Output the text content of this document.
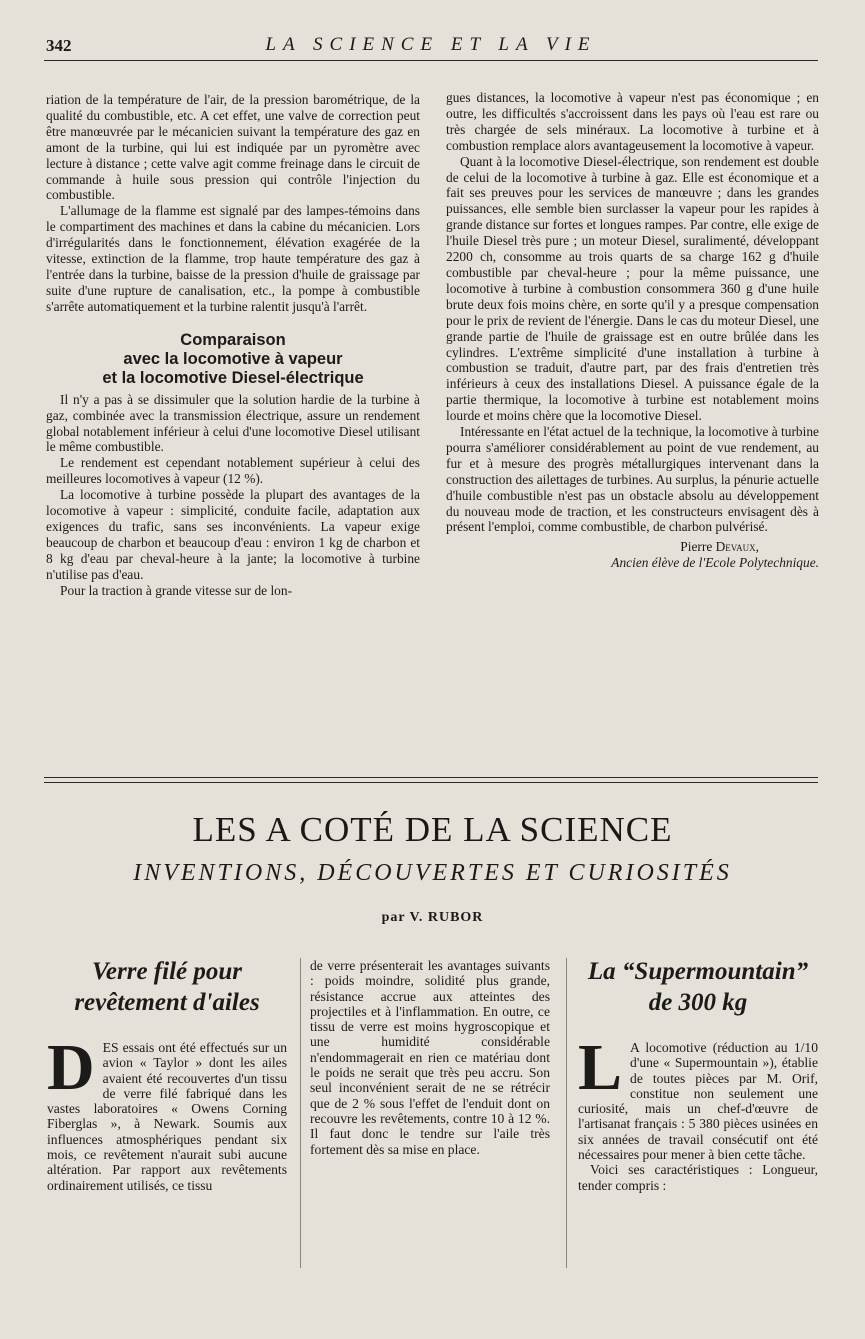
342	LA SCIENCE ET LA VIE

riation de la température de l'air, de la pression barométrique, de la qualité du combustible, etc. A cet effet, une valve de correction peut être manœuvrée par le mécanicien suivant la température des gaz en amont de la turbine, qui lui est indiquée par un pyromètre avec lecture à distance ; cette valve agit comme freinage dans le circuit de commande à huile sous pression qui contrôle l'injection du combustible.

L'allumage de la flamme est signalé par des lampes-témoins dans le compartiment des machines et dans la cabine du mécanicien. Lors d'irrégularités dans le fonctionnement, élévation exagérée de la vitesse, extinction de la flamme, trop haute température des gaz à l'entrée dans la turbine, baisse de la pression d'huile de graissage par suite d'une rupture de canalisation, etc., la pompe à combustible s'arrête automatiquement et la turbine ralentit jusqu'à l'arrêt.

Comparaison
avec la locomotive à vapeur
et la locomotive Diesel-électrique

Il n'y a pas à se dissimuler que la solution hardie de la turbine à gaz, combinée avec la transmission électrique, assure un rendement global notablement inférieur à celui d'une locomotive Diesel utilisant le même combustible.

Le rendement est cependant notablement supérieur à celui des meilleures locomotives à vapeur (12 %).

La locomotive à turbine possède la plupart des avantages de la locomotive à vapeur : simplicité, conduite facile, adaptation aux exigences du trafic, sans ses inconvénients. La vapeur exige beaucoup de charbon et beaucoup d'eau : environ 1 kg de charbon et 8 kg d'eau par cheval-heure à la jante; la locomotive à turbine n'utilise pas d'eau.

Pour la traction à grande vitesse sur de lon-

gues distances, la locomotive à vapeur n'est pas économique ; en outre, les difficultés s'accroissent dans les pays où l'eau est rare ou très chargée de sels minéraux. La locomotive à turbine et à combustion remplace alors avantageusement la locomotive à vapeur.

Quant à la locomotive Diesel-électrique, son rendement est double de celui de la locomotive à turbine à gaz. Elle est économique et a fait ses preuves pour les services de manœuvre ; dans les grandes puissances, elle semble bien surclasser la vapeur pour les rapides à grande distance sur fortes et longues rampes. Par contre, elle exige de l'huile Diesel très pure ; un moteur Diesel, suralimenté, développant 2200 ch, consomme au trois quarts de sa charge 162 g d'huile combustible par cheval-heure ; pour la même puissance, une locomotive à turbine à combustion consommera 360 g d'une huile brute deux fois moins chère, en sorte qu'il y a presque compensation pour le prix de revient de l'énergie. Dans le cas du moteur Diesel, une grande partie de l'huile de graissage est en outre brûlée dans les cylindres. L'extrême simplicité d'une installation à turbine à combustion se traduit, d'autre part, par des frais d'entretien très inférieurs à ceux des installations Diesel. A puissance égale de la partie thermique, la locomotive à turbine est notablement moins lourde et moins chère que la locomotive Diesel.

Intéressante en l'état actuel de la technique, la locomotive à turbine pourra s'améliorer considérablement au point de vue rendement, au fur et à mesure des progrès métallurgiques intervenant dans la construction des ailettages de turbines. Au surplus, la pénurie actuelle d'huile combustible n'est pas un obstacle absolu au développement du nouveau mode de traction, et les constructeurs envisagent dès à présent l'emploi, comme combustible, de charbon pulvérisé.

Pierre Devaux,
Ancien élève de l'Ecole Polytechnique.
LES A COTÉ DE LA SCIENCE
INVENTIONS, DÉCOUVERTES ET CURIOSITÉS
par V. RUBOR
Verre filé pour
revêtement d'ailes

DES essais ont été effectués sur un avion « Taylor » dont les ailes avaient été recouvertes d'un tissu de verre filé fabriqué dans les vastes laboratoires « Owens Corning Fiberglas », à Newark. Soumis aux influences atmosphériques pendant six mois, ce revêtement n'aurait subi aucune altération. Par rapport aux revêtements ordinairement utilisés, ce tissu

de verre présenterait les avantages suivants : poids moindre, solidité plus grande, résistance accrue aux atteintes des projectiles et à l'inflammation. En outre, ce tissu de verre est moins hygroscopique et une humidité considérable n'endommagerait en rien ce matériau dont le poids ne serait que très peu accru. Son seul inconvénient serait de ne se rétrécir que de 2 % sous l'effet de l'enduit dont on recouvre les revêtements, contre 10 à 12 %. Il faut donc le tendre sur l'aile très fortement dès sa mise en place.

La “Supermountain”
de 300 kg

L A locomotive (réduction au 1/10 d'une « Supermountain »), établie de toutes pièces par M. Orif, constitue non seulement une curiosité, mais un chef-d'œuvre de l'artisanat français : 5 380 pièces usinées en six années de travail consécutif ont été nécessaires pour mener à bien cette tâche.

Voici ses caractéristiques : Longueur, tender compris :
